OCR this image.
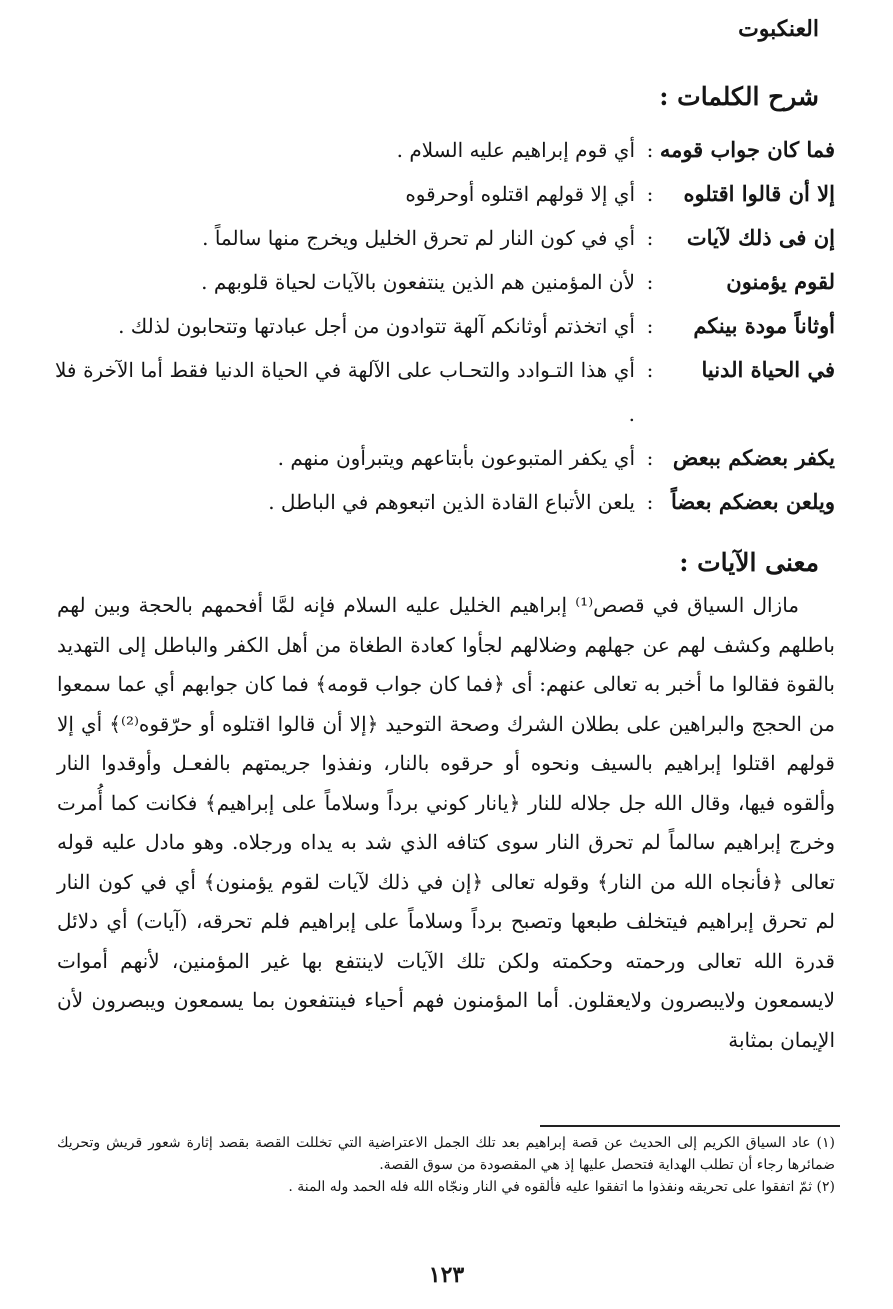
العنكبوت
شرح الكلمات :
فما كان جواب قومه
:
أي قوم إبراهيم عليه السلام .
إلا أن قالوا اقتلوه
:
أي إلا قولهم اقتلوه أوحرقوه
إن فى ذلك لآيات
:
أي في كون النار لم تحرق الخليل ويخرج منها سالماً .
لقوم يؤمنون
:
لأن المؤمنين هم الذين ينتفعون بالآيات لحياة قلوبهم .
أوثاناً مودة بينكم
:
أي اتخذتم أوثانكم آلهة تتوادون من أجل عبادتها وتتحابون لذلك .
في الحياة الدنيا
:
أي هذا التـوادد والتحـاب على الآلهة في الحياة الدنيا فقط أما الآخرة فلا .
يكفر بعضكم ببعض
:
أي يكفر المتبوعون بأبتاعهم ويتبرأون منهم .
ويلعن بعضكم بعضاً
:
يلعن الأتباع القادة الذين اتبعوهم في الباطل .
معنى الآيات :

مازال السياق في قصص⁽¹⁾ إبراهيم الخليل عليه السلام فإنه لمَّا أفحمهم بالحجة وبين لهم باطلهم وكشف لهم عن جهلهم وضلالهم لجأوا كعادة الطغاة من أهل الكفر والباطل إلى التهديد بالقوة فقالوا ما أخبر به تعالى عنهم: أى ﴿فما كان جواب قومه﴾ فما كان جوابهم أي عما سمعوا من الحجج والبراهين على بطلان الشرك وصحة التوحيد ﴿إلا أن قالوا اقتلوه أو حرّقوه⁽²⁾﴾ أي إلا قولهم اقتلوا إبراهيم بالسيف ونحوه أو حرقوه بالنار، ونفذوا جريمتهم بالفعـل وأوقدوا النار وألقوه فيها، وقال الله جل جلاله للنار ﴿يانار كوني برداً وسلاماً على إبراهيم﴾ فكانت كما أُمرت وخرج إبراهيم سالماً لم تحرق النار سوى كتافه الذي شد به يداه ورجلاه. وهو مادل عليه قوله تعالى ﴿فأنجاه الله من النار﴾ وقوله تعالى ﴿إن في ذلك لآيات لقوم يؤمنون﴾ أي في كون النار لم تحرق إبراهيم فيتخلف طبعها وتصبح برداً وسلاماً على إبراهيم فلم تحرقه، (آيات) أي دلائل قدرة الله تعالى ورحمته وحكمته ولكن تلك الآيات لاينتفع بها غير المؤمنين، لأنهم أموات لايسمعون ولايبصرون ولايعقلون. أما المؤمنون فهم أحياء فينتفعون بما يسمعون ويبصرون لأن الإيمان بمثابة

(١) عاد السياق الكريم إلى الحديث عن قصة إبراهيم بعد تلك الجمل الاعتراضية التي تخللت القصة بقصد إثارة شعور قريش وتحريك ضمائرها رجاء أن تطلب الهداية فتحصل عليها إذ هي المقصودة من سوق القصة.

(٢) ثمّ اتفقوا على تحريقه ونفذوا ما اتفقوا عليه فألقوه في النار ونجّاه الله فله الحمد وله المنة .

١٢٣
